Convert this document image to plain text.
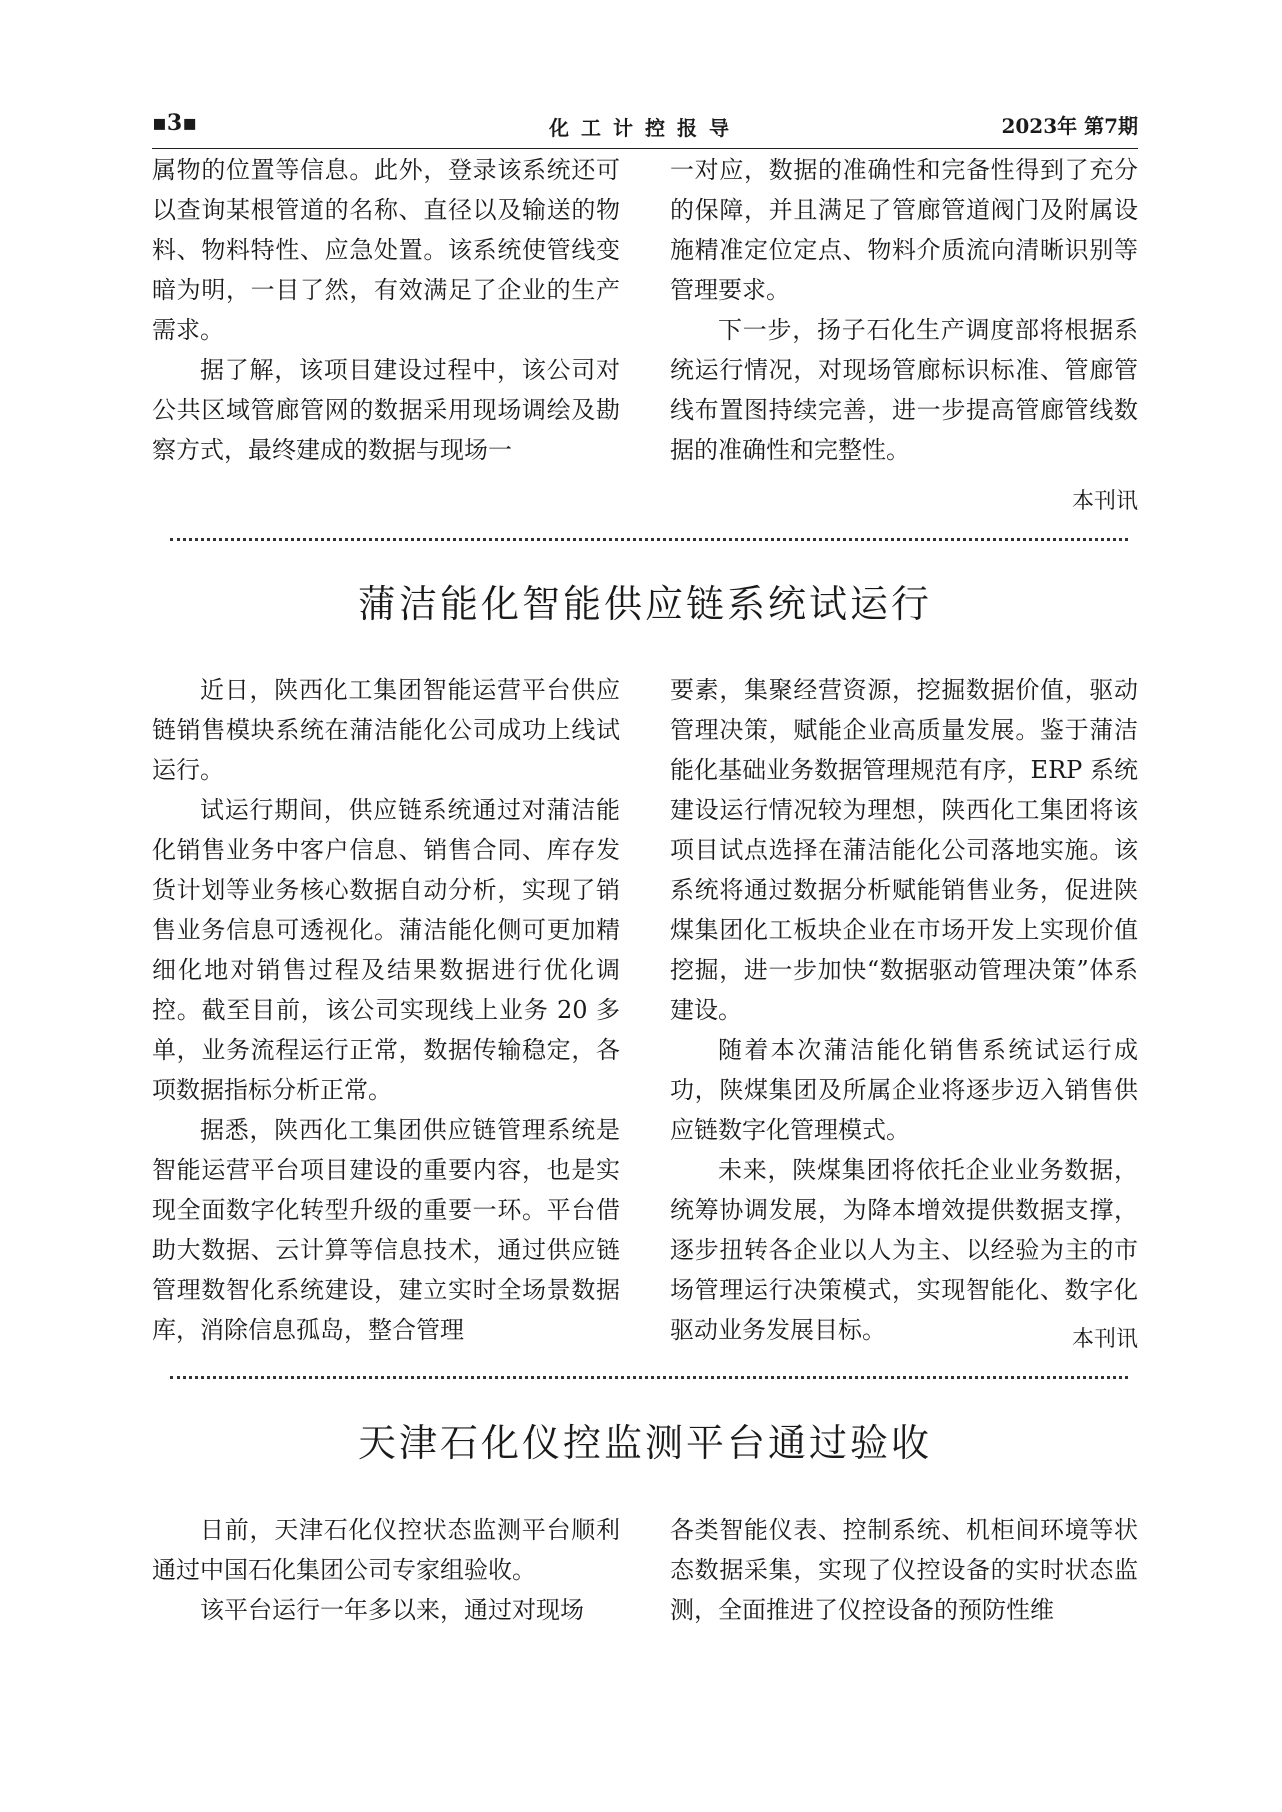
▪3▪	化工计控报导	2023年 第7期

属物的位置等信息。此外，登录该系统还可以查询某根管道的名称、直径以及输送的物料、物料特性、应急处置。该系统使管线变暗为明，一目了然，有效满足了企业的生产需求。

据了解，该项目建设过程中，该公司对公共区域管廊管网的数据采用现场调绘及勘察方式，最终建成的数据与现场一

一对应，数据的准确性和完备性得到了充分的保障，并且满足了管廊管道阀门及附属设施精准定位定点、物料介质流向清晰识别等管理要求。

下一步，扬子石化生产调度部将根据系统运行情况，对现场管廊标识标准、管廊管线布置图持续完善，进一步提高管廊管线数据的准确性和完整性。

本刊讯
蒲洁能化智能供应链系统试运行

近日，陕西化工集团智能运营平台供应链销售模块系统在蒲洁能化公司成功上线试运行。

试运行期间，供应链系统通过对蒲洁能化销售业务中客户信息、销售合同、库存发货计划等业务核心数据自动分析，实现了销售业务信息可透视化。蒲洁能化侧可更加精细化地对销售过程及结果数据进行优化调控。截至目前，该公司实现线上业务 20 多单，业务流程运行正常，数据传输稳定，各项数据指标分析正常。

据悉，陕西化工集团供应链管理系统是智能运营平台项目建设的重要内容，也是实现全面数字化转型升级的重要一环。平台借助大数据、云计算等信息技术，通过供应链管理数智化系统建设，建立实时全场景数据库，消除信息孤岛，整合管理

要素，集聚经营资源，挖掘数据价值，驱动管理决策，赋能企业高质量发展。鉴于蒲洁能化基础业务数据管理规范有序，ERP 系统建设运行情况较为理想，陕西化工集团将该项目试点选择在蒲洁能化公司落地实施。该系统将通过数据分析赋能销售业务，促进陕煤集团化工板块企业在市场开发上实现价值挖掘，进一步加快“数据驱动管理决策”体系建设。

随着本次蒲洁能化销售系统试运行成功，陕煤集团及所属企业将逐步迈入销售供应链数字化管理模式。

未来，陕煤集团将依托企业业务数据，统筹协调发展，为降本增效提供数据支撑，逐步扭转各企业以人为主、以经验为主的市场管理运行决策模式，实现智能化、数字化驱动业务发展目标。	本刊讯
天津石化仪控监测平台通过验收

日前，天津石化仪控状态监测平台顺利通过中国石化集团公司专家组验收。

该平台运行一年多以来，通过对现场

各类智能仪表、控制系统、机柜间环境等状态数据采集，实现了仪控设备的实时状态监测，全面推进了仪控设备的预防性维
